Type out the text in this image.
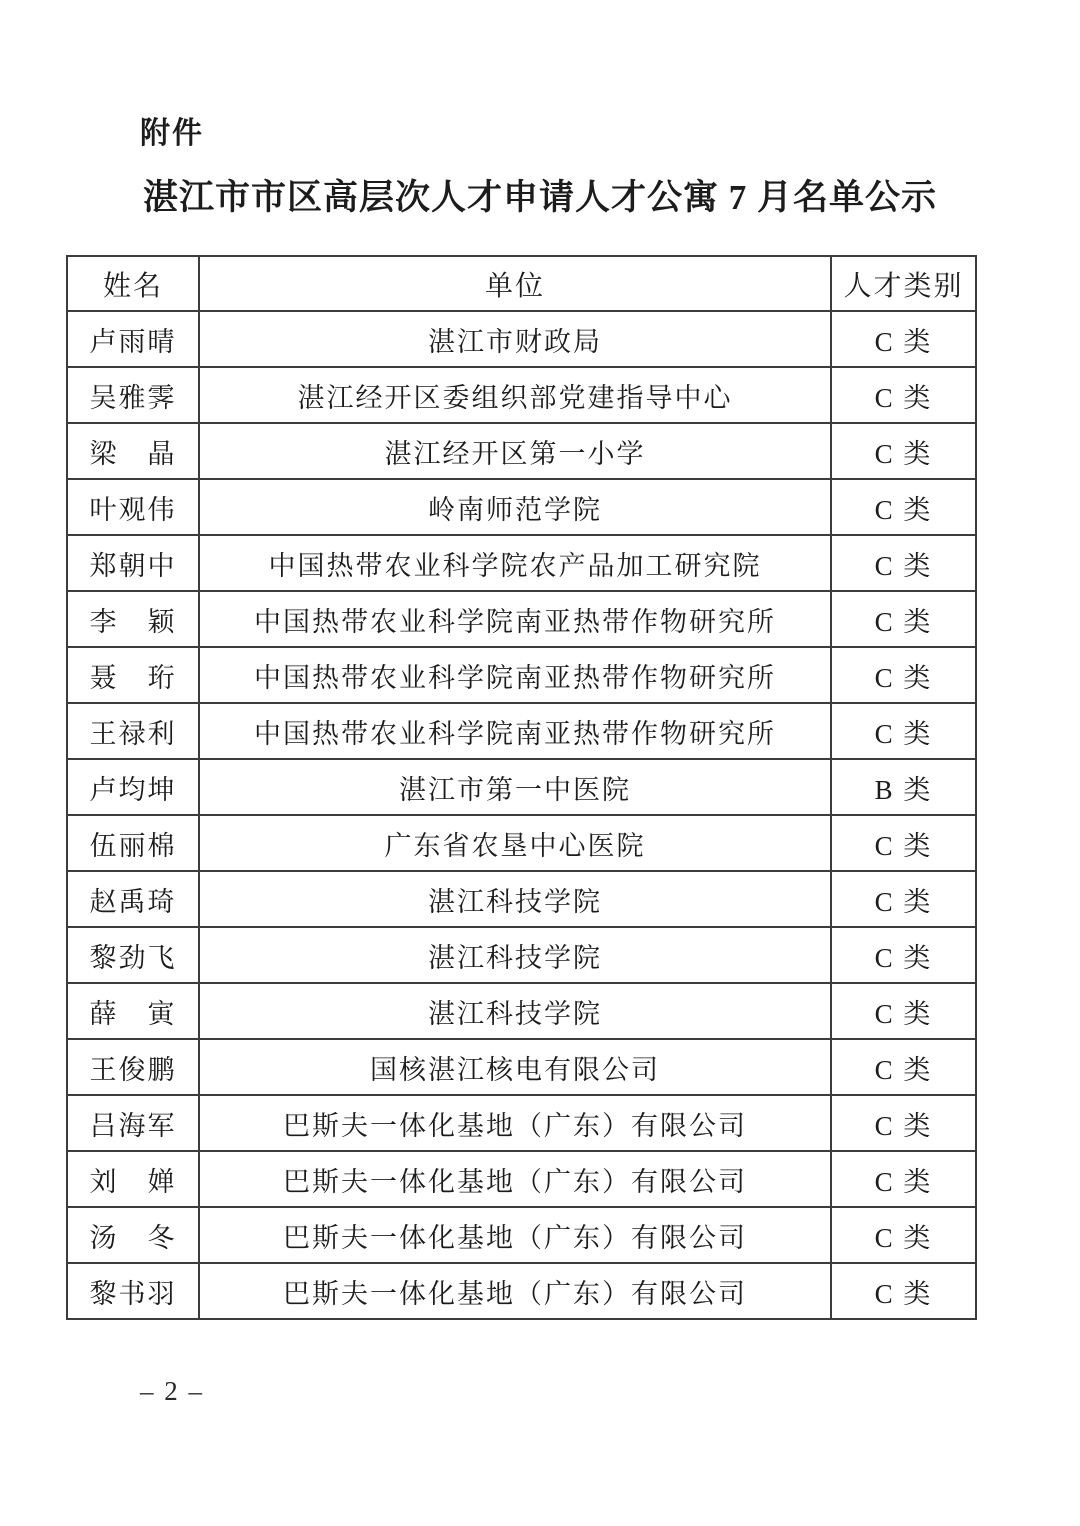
附件
湛江市市区高层次人才申请人才公寓 7 月名单公示
姓名	单位	人才类别
卢雨晴	湛江市财政局	C 类
吴雅霁	湛江经开区委组织部党建指导中心	C 类
梁　晶	湛江经开区第一小学	C 类
叶观伟	岭南师范学院	C 类
郑朝中	中国热带农业科学院农产品加工研究院	C 类
李　颖	中国热带农业科学院南亚热带作物研究所	C 类
聂　珩	中国热带农业科学院南亚热带作物研究所	C 类
王禄利	中国热带农业科学院南亚热带作物研究所	C 类
卢均坤	湛江市第一中医院	B 类
伍丽棉	广东省农垦中心医院	C 类
赵禹琦	湛江科技学院	C 类
黎劲飞	湛江科技学院	C 类
薛　寅	湛江科技学院	C 类
王俊鹏	国核湛江核电有限公司	C 类
吕海军	巴斯夫一体化基地（广东）有限公司	C 类
刘　婵	巴斯夫一体化基地（广东）有限公司	C 类
汤　冬	巴斯夫一体化基地（广东）有限公司	C 类
黎书羽	巴斯夫一体化基地（广东）有限公司	C 类
– 2 –
